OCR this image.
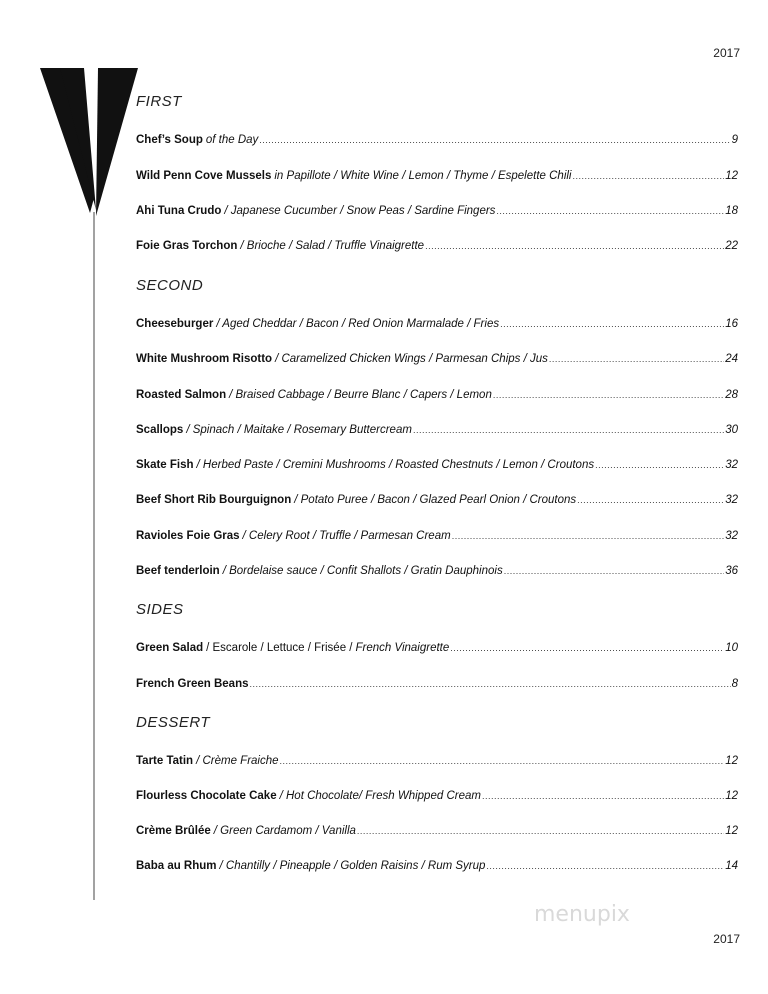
2017
FIRST
Chef’s Soup of the Day .....	9
Wild Penn Cove Mussels in Papillote / White Wine / Lemon / Thyme / Espelette Chili .....	12
Ahi Tuna Crudo / Japanese Cucumber / Snow Peas / Sardine Fingers .....	18
Foie Gras Torchon / Brioche / Salad / Truffle Vinaigrette .....	22
SECOND
Cheeseburger / Aged Cheddar / Bacon / Red Onion Marmalade / Fries .....	16
White Mushroom Risotto / Caramelized Chicken Wings / Parmesan Chips / Jus .....	24
Roasted Salmon / Braised Cabbage / Beurre Blanc / Capers / Lemon .....	28
Scallops / Spinach / Maitake / Rosemary Buttercream .....	30
Skate Fish / Herbed Paste / Cremini Mushrooms / Roasted Chestnuts / Lemon / Croutons .....	32
Beef Short Rib Bourguignon / Potato Puree / Bacon / Glazed Pearl Onion / Croutons .....	32
Ravioles Foie Gras / Celery Root / Truffle / Parmesan Cream .....	32
Beef tenderloin / Bordelaise sauce / Confit Shallots / Gratin Dauphinois .....	36
SIDES
Green Salad / Escarole / Lettuce / Frisée / French Vinaigrette .....	10
French Green Beans .....	8
DESSERT
Tarte Tatin / Crème Fraiche .....	12
Flourless Chocolate Cake / Hot Chocolate/ Fresh Whipped Cream .....	12
Crème Brûlée / Green Cardamom / Vanilla .....	12
Baba au Rhum / Chantilly / Pineapple / Golden Raisins / Rum Syrup .....	14
menupix
2017
